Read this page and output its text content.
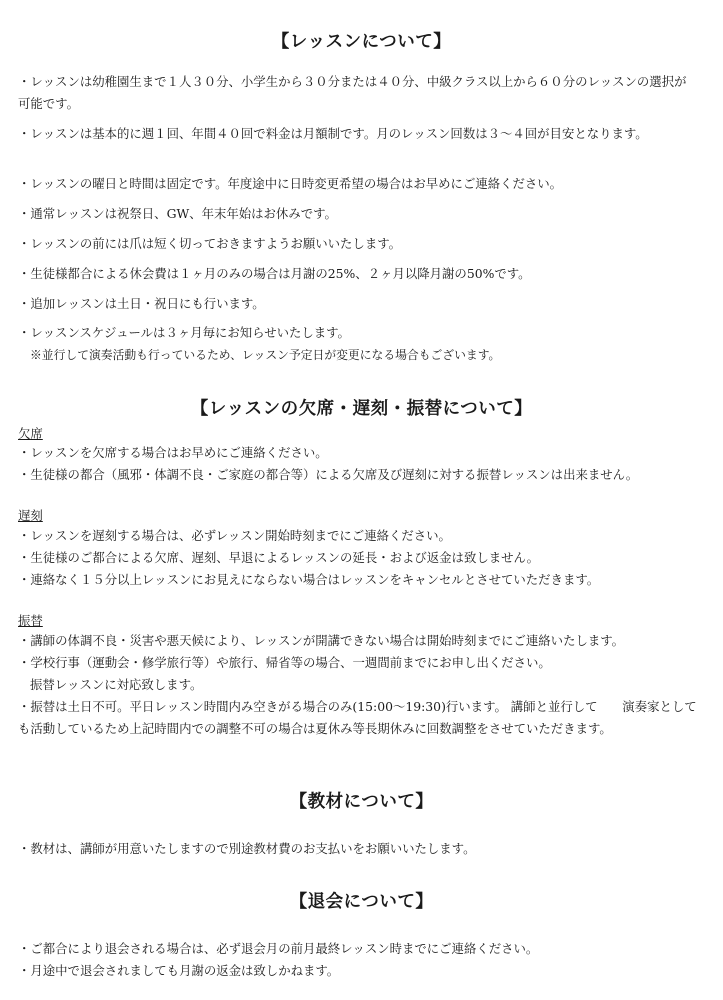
【レッスンについて】
・レッスンは幼稚園生まで１人３０分、小学生から３０分または４０分、中級クラス以上から６０分のレッスンの選択が可能です。
・レッスンは基本的に週１回、年間４０回で料金は月額制です。月のレッスン回数は３〜４回が目安となります。
・レッスンの曜日と時間は固定です。年度途中に日時変更希望の場合はお早めにご連絡ください。
・通常レッスンは祝祭日、GW、年末年始はお休みです。
・レッスンの前には爪は短く切っておきますようお願いいたします。
・生徒様都合による休会費は１ヶ月のみの場合は月謝の25%、２ヶ月以降月謝の50%です。
・追加レッスンは土日・祝日にも行います。
・レッスンスケジュールは３ヶ月毎にお知らせいたします。
※並行して演奏活動も行っているため、レッスン予定日が変更になる場合もございます。
【レッスンの欠席・遅刻・振替について】
欠席
・レッスンを欠席する場合はお早めにご連絡ください。
・生徒様の都合（風邪・体調不良・ご家庭の都合等）による欠席及び遅刻に対する振替レッスンは出来ません。
遅刻
・レッスンを遅刻する場合は、必ずレッスン開始時刻までにご連絡ください。
・生徒様のご都合による欠席、遅刻、早退によるレッスンの延長・および返金は致しません。
・連絡なく１５分以上レッスンにお見えにならない場合はレッスンをキャンセルとさせていただきます。
振替
・講師の体調不良・災害や悪天候により、レッスンが開講できない場合は開始時刻までにご連絡いたします。
・学校行事（運動会・修学旅行等）や旅行、帰省等の場合、一週間前までにお申し出ください。
振替レッスンに対応致します。
・振替は土日不可。平日レッスン時間内み空きがる場合のみ(15:00〜19:30)行います。 講師と並行して　　演奏家としても活動しているため上記時間内での調整不可の場合は夏休み等長期休みに回数調整をさせていただきます。
【教材について】
・教材は、講師が用意いたしますので別途教材費のお支払いをお願いいたします。
【退会について】
・ご都合により退会される場合は、必ず退会月の前月最終レッスン時までにご連絡ください。
・月途中で退会されましても月謝の返金は致しかねます。
